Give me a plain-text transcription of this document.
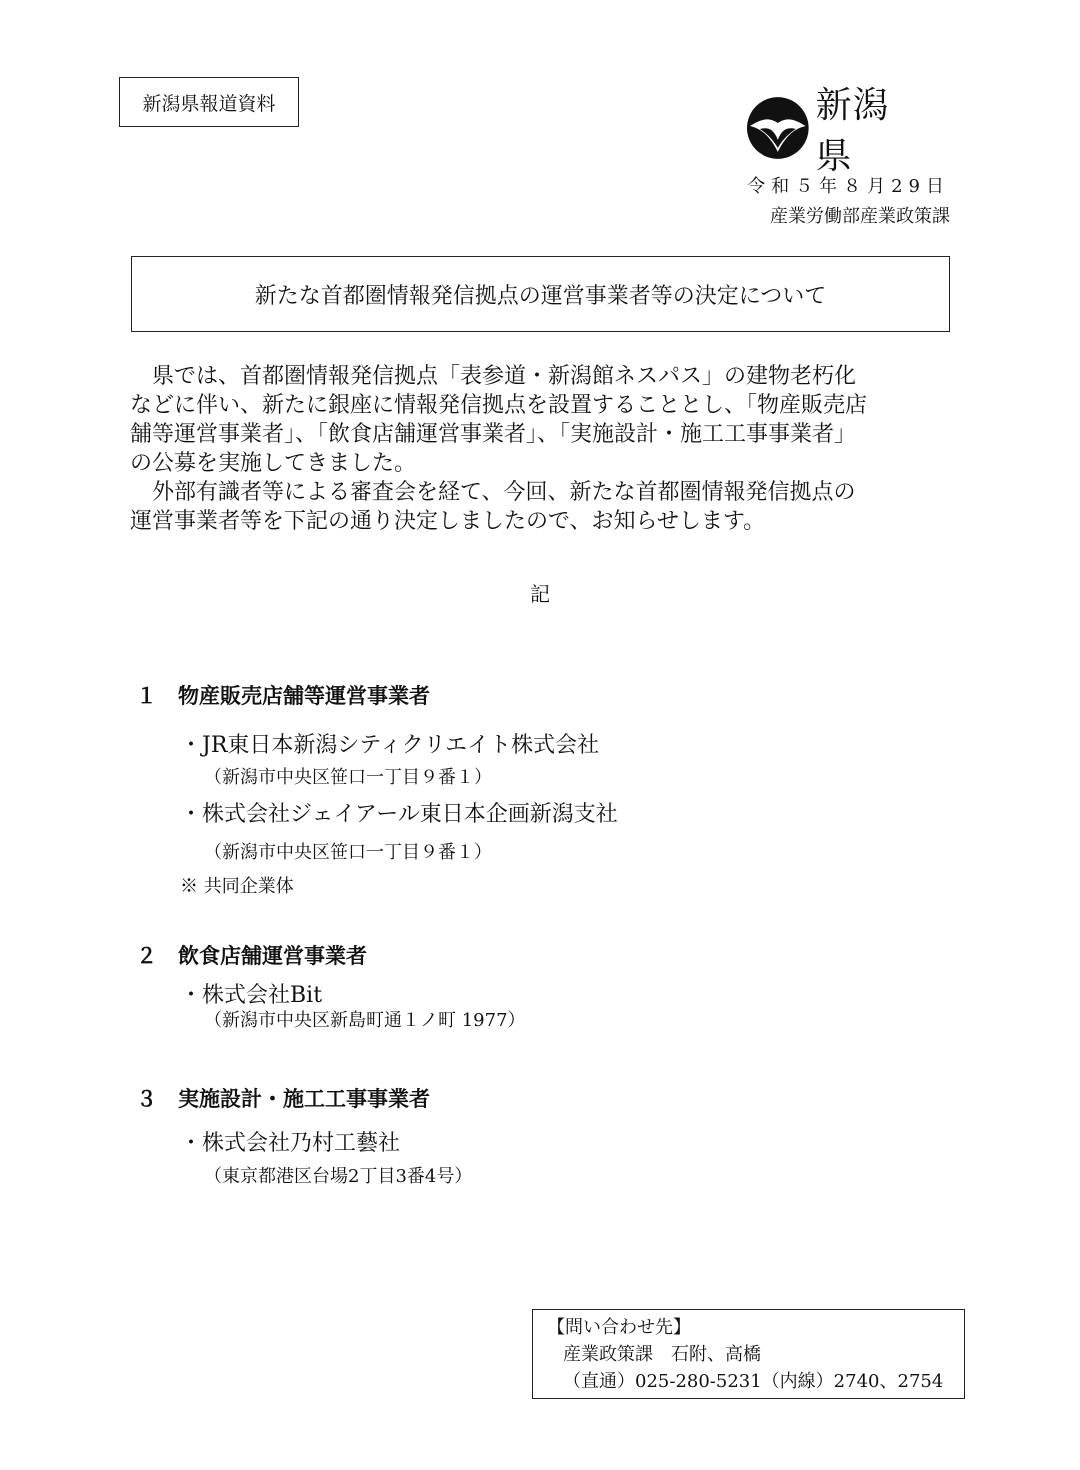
新潟県報道資料	新潟県
令和５年８月29日
産業労働部産業政策課
新たな首都圏情報発信拠点の運営事業者等の決定について

　県では、首都圏情報発信拠点「表参道・新潟館ネスパス」の建物老朽化

などに伴い、新たに銀座に情報発信拠点を設置することとし、「物産販売店

舗等運営事業者」、「飲食店舗運営事業者」、「実施設計・施工工事事業者」

の公募を実施してきました。

　外部有識者等による審査会を経て、今回、新たな首都圏情報発信拠点の

運営事業者等を下記の通り決定しましたので、お知らせします。

記
１ 物産販売店舗等運営事業者
・JR東日本新潟シティクリエイト株式会社
（新潟市中央区笹口一丁目９番１）
・株式会社ジェイアール東日本企画新潟支社
（新潟市中央区笹口一丁目９番１）
※ 共同企業体
２ 飲食店舗運営事業者
・株式会社Bit
（新潟市中央区新島町通１ノ町 1977）
３ 実施設計・施工工事事業者
・株式会社乃村工藝社
（東京都港区台場2丁目3番4号）
【問い合わせ先】
産業政策課　石附、高橋
（直通）025-280-5231（内線）2740、2754
